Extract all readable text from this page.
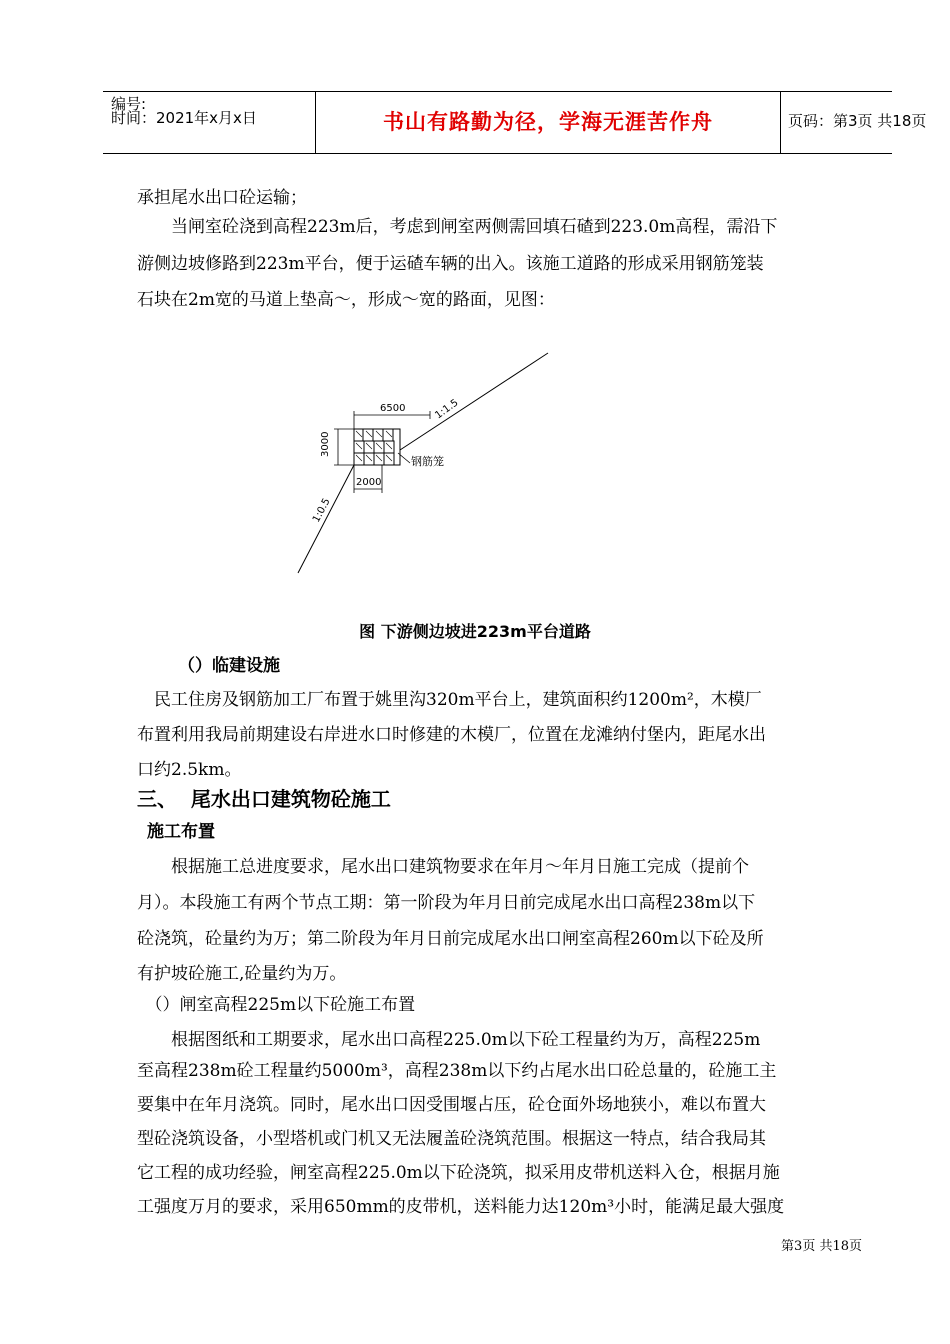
编号:
时间：2021年x月x日	书山有路勤为径，学海无涯苦作舟	页码：第3页 共18页
承担尾水出口砼运输；
　　当闸室砼浇到高程223m后，考虑到闸室两侧需回填石碴到223.0m高程，需沿下
游侧边坡修路到223m平台，便于运碴车辆的出入。该施工道路的形成采用钢筋笼装
石块在2m宽的马道上垫高～，形成～宽的路面，见图：
6500
3000
2000
1:1.5
1:0.5
钢筋笼
图 下游侧边坡进223m平台道路
（）临建设施
　民工住房及钢筋加工厂布置于姚里沟320m平台上，建筑面积约1200m²，木模厂
布置利用我局前期建设右岸进水口时修建的木模厂，位置在龙滩纳付堡内，距尾水出
口约2.5km。
三、  尾水出口建筑物砼施工
施工布置
　　根据施工总进度要求，尾水出口建筑物要求在年月～年月日施工完成（提前个
月）。本段施工有两个节点工期：第一阶段为年月日前完成尾水出口高程238m以下
砼浇筑，砼量约为万；第二阶段为年月日前完成尾水出口闸室高程260m以下砼及所
有护坡砼施工,砼量约为万。
　（）闸室高程225m以下砼施工布置
　　根据图纸和工期要求，尾水出口高程225.0m以下砼工程量约为万，高程225m
至高程238m砼工程量约5000m³，高程238m以下约占尾水出口砼总量的，砼施工主
要集中在年月浇筑。同时，尾水出口因受围堰占压，砼仓面外场地狭小，难以布置大
型砼浇筑设备，小型塔机或门机又无法履盖砼浇筑范围。根据这一特点，结合我局其
它工程的成功经验，闸室高程225.0m以下砼浇筑，拟采用皮带机送料入仓，根据月施
工强度万月的要求，采用650mm的皮带机，送料能力达120m³小时，能满足最大强度
第3页 共18页
